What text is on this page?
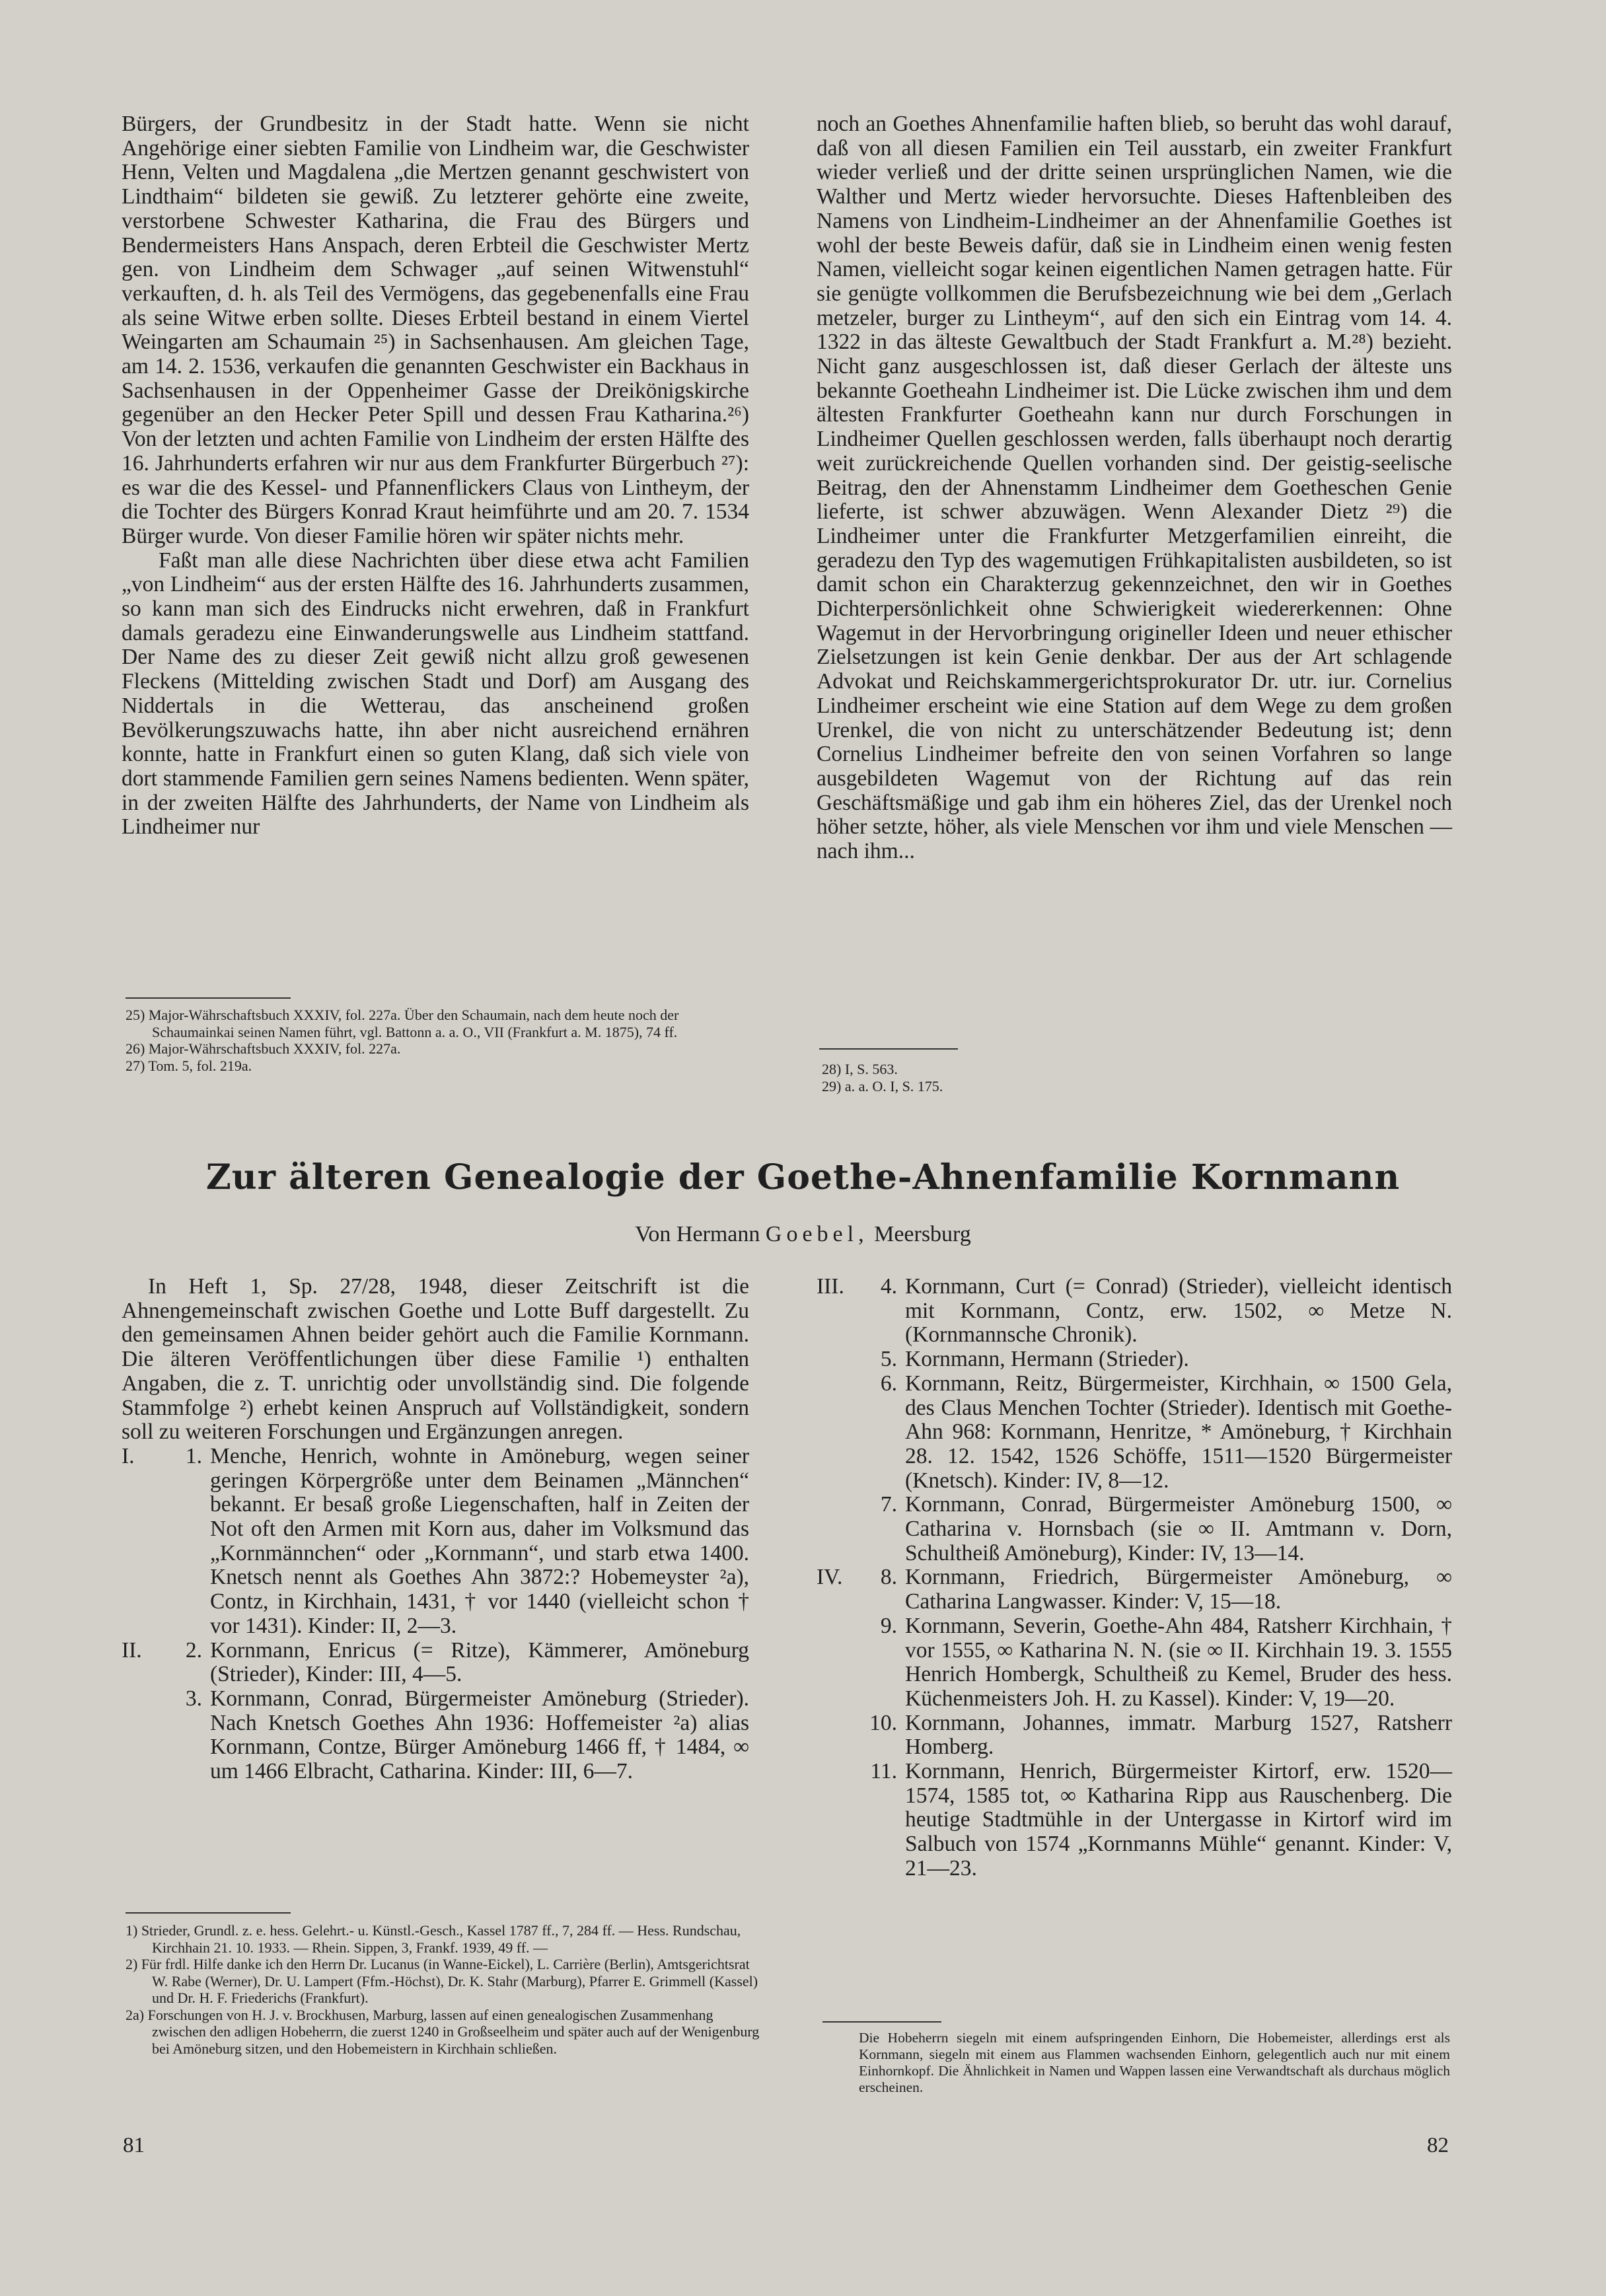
Bürgers, der Grundbesitz in der Stadt hatte. Wenn sie nicht Angehörige einer siebten Familie von Lindheim war, die Geschwister Henn, Velten und Magdalena „die Mertzen genannt geschwistert von Lindthaim“ bildeten sie gewiß. Zu letzterer gehörte eine zweite, verstorbene Schwester Katharina, die Frau des Bürgers und Bendermeisters Hans Anspach, deren Erbteil die Geschwister Mertz gen. von Lindheim dem Schwager „auf seinen Witwenstuhl“ verkauften, d. h. als Teil des Vermögens, das gegebenenfalls eine Frau als seine Witwe erben sollte. Dieses Erbteil bestand in einem Viertel Weingarten am Schaumain ²⁵) in Sachsenhausen. Am gleichen Tage, am 14. 2. 1536, verkaufen die genannten Geschwister ein Backhaus in Sachsenhausen in der Oppenheimer Gasse der Dreikönigskirche gegenüber an den Hecker Peter Spill und dessen Frau Katharina.²⁶) Von der letzten und achten Familie von Lindheim der ersten Hälfte des 16. Jahrhunderts erfahren wir nur aus dem Frankfurter Bürgerbuch ²⁷): es war die des Kessel- und Pfannenflickers Claus von Lintheym, der die Tochter des Bürgers Konrad Kraut heimführte und am 20. 7. 1534 Bürger wurde. Von dieser Familie hören wir später nichts mehr.

Faßt man alle diese Nachrichten über diese etwa acht Familien „von Lindheim“ aus der ersten Hälfte des 16. Jahrhunderts zusammen, so kann man sich des Eindrucks nicht erwehren, daß in Frankfurt damals geradezu eine Einwanderungswelle aus Lindheim stattfand. Der Name des zu dieser Zeit gewiß nicht allzu groß gewesenen Fleckens (Mittelding zwischen Stadt und Dorf) am Ausgang des Niddertals in die Wetterau, das anscheinend großen Bevölkerungszuwachs hatte, ihn aber nicht ausreichend ernähren konnte, hatte in Frankfurt einen so guten Klang, daß sich viele von dort stammende Familien gern seines Namens bedienten. Wenn später, in der zweiten Hälfte des Jahrhunderts, der Name von Lindheim als Lindheimer nur

25) Major-Währschaftsbuch XXXIV, fol. 227a. Über den Schaumain, nach dem heute noch der Schaumainkai seinen Namen führt, vgl. Battonn a. a. O., VII (Frankfurt a. M. 1875), 74 ff.
26) Major-Währschaftsbuch XXXIV, fol. 227a.
27) Tom. 5, fol. 219a.

noch an Goethes Ahnenfamilie haften blieb, so beruht das wohl darauf, daß von all diesen Familien ein Teil ausstarb, ein zweiter Frankfurt wieder verließ und der dritte seinen ursprünglichen Namen, wie die Walther und Mertz wieder hervorsuchte. Dieses Haftenbleiben des Namens von Lindheim-Lindheimer an der Ahnenfamilie Goethes ist wohl der beste Beweis dafür, daß sie in Lindheim einen wenig festen Namen, vielleicht sogar keinen eigentlichen Namen getragen hatte. Für sie genügte vollkommen die Berufsbezeichnung wie bei dem „Gerlach metzeler, burger zu Lintheym“, auf den sich ein Eintrag vom 14. 4. 1322 in das älteste Gewaltbuch der Stadt Frankfurt a. M.²⁸) bezieht. Nicht ganz ausgeschlossen ist, daß dieser Gerlach der älteste uns bekannte Goetheahn Lindheimer ist. Die Lücke zwischen ihm und dem ältesten Frankfurter Goetheahn kann nur durch Forschungen in Lindheimer Quellen geschlossen werden, falls überhaupt noch derartig weit zurückreichende Quellen vorhanden sind. Der geistig-seelische Beitrag, den der Ahnenstamm Lindheimer dem Goetheschen Genie lieferte, ist schwer abzuwägen. Wenn Alexander Dietz ²⁹) die Lindheimer unter die Frankfurter Metzgerfamilien einreiht, die geradezu den Typ des wagemutigen Frühkapitalisten ausbildeten, so ist damit schon ein Charakterzug gekennzeichnet, den wir in Goethes Dichterpersönlichkeit ohne Schwierigkeit wiedererkennen: Ohne Wagemut in der Hervorbringung origineller Ideen und neuer ethischer Zielsetzungen ist kein Genie denkbar. Der aus der Art schlagende Advokat und Reichskammergerichtsprokurator Dr. utr. iur. Cornelius Lindheimer erscheint wie eine Station auf dem Wege zu dem großen Urenkel, die von nicht zu unterschätzender Bedeutung ist; denn Cornelius Lindheimer befreite den von seinen Vorfahren so lange ausgebildeten Wagemut von der Richtung auf das rein Geschäftsmäßige und gab ihm ein höheres Ziel, das der Urenkel noch höher setzte, höher, als viele Menschen vor ihm und viele Menschen — nach ihm...

28) I, S. 563.
29) a. a. O. I, S. 175.
Zur älteren Genealogie der Goethe-Ahnenfamilie Kornmann
Von Hermann Goebel, Meersburg

In Heft 1, Sp. 27/28, 1948, dieser Zeitschrift ist die Ahnengemeinschaft zwischen Goethe und Lotte Buff dargestellt. Zu den gemeinsamen Ahnen beider gehört auch die Familie Kornmann. Die älteren Veröffentlichungen über diese Familie ¹) enthalten Angaben, die z. T. unrichtig oder unvollständig sind. Die folgende Stammfolge ²) erhebt keinen Anspruch auf Vollständigkeit, sondern soll zu weiteren Forschungen und Ergänzungen anregen.

I.	1. Menche, Henrich, wohnte in Amöneburg, wegen seiner geringen Körpergröße unter dem Beinamen „Männchen“ bekannt. Er besaß große Liegenschaften, half in Zeiten der Not oft den Armen mit Korn aus, daher im Volksmund das „Kornmännchen“ oder „Kornmann“, und starb etwa 1400. Knetsch nennt als Goethes Ahn 3872:? Hobemeyster ²a), Contz, in Kirchhain, 1431, † vor 1440 (vielleicht schon † vor 1431). Kinder: II, 2—3.
II.	2. Kornmann, Enricus (= Ritze), Kämmerer, Amöneburg (Strieder), Kinder: III, 4—5.
3. Kornmann, Conrad, Bürgermeister Amöneburg (Strieder). Nach Knetsch Goethes Ahn 1936: Hoffemeister ²a) alias Kornmann, Contze, Bürger Amöneburg 1466 ff, † 1484, ∞ um 1466 Elbracht, Catharina. Kinder: III, 6—7.
1) Strieder, Grundl. z. e. hess. Gelehrt.- u. Künstl.-Gesch., Kassel 1787 ff., 7, 284 ff. — Hess. Rundschau, Kirchhain 21. 10. 1933. — Rhein. Sippen, 3, Frankf. 1939, 49 ff. —
2) Für frdl. Hilfe danke ich den Herrn Dr. Lucanus (in Wanne-Eickel), L. Carrière (Berlin), Amtsgerichtsrat W. Rabe (Werner), Dr. U. Lampert (Ffm.-Höchst), Dr. K. Stahr (Marburg), Pfarrer E. Grimmell (Kassel) und Dr. H. F. Friederichs (Frankfurt).
2a) Forschungen von H. J. v. Brockhusen, Marburg, lassen auf einen genealogischen Zusammenhang zwischen den adligen Hobeherrn, die zuerst 1240 in Großseelheim und später auch auf der Wenigenburg bei Amöneburg sitzen, und den Hobemeistern in Kirchhain schließen.
III.	4. Kornmann, Curt (= Conrad) (Strieder), vielleicht identisch mit Kornmann, Contz, erw. 1502, ∞ Metze N. (Kornmannsche Chronik).
5. Kornmann, Hermann (Strieder).
6. Kornmann, Reitz, Bürgermeister, Kirchhain, ∞ 1500 Gela, des Claus Menchen Tochter (Strieder). Identisch mit Goethe-Ahn 968: Kornmann, Henritze, * Amöneburg, † Kirchhain 28. 12. 1542, 1526 Schöffe, 1511—1520 Bürgermeister (Knetsch). Kinder: IV, 8—12.
7. Kornmann, Conrad, Bürgermeister Amöneburg 1500, ∞ Catharina v. Hornsbach (sie ∞ II. Amtmann v. Dorn, Schultheiß Amöneburg), Kinder: IV, 13—14.
IV.	8. Kornmann, Friedrich, Bürgermeister Amöneburg, ∞ Catharina Langwasser. Kinder: V, 15—18.
9. Kornmann, Severin, Goethe-Ahn 484, Ratsherr Kirchhain, † vor 1555, ∞ Katharina N. N. (sie ∞ II. Kirchhain 19. 3. 1555 Henrich Hombergk, Schultheiß zu Kemel, Bruder des hess. Küchenmeisters Joh. H. zu Kassel). Kinder: V, 19—20.
10. Kornmann, Johannes, immatr. Marburg 1527, Ratsherr Homberg.
11. Kornmann, Henrich, Bürgermeister Kirtorf, erw. 1520—1574, 1585 tot, ∞ Katharina Ripp aus Rauschenberg. Die heutige Stadtmühle in der Untergasse in Kirtorf wird im Salbuch von 1574 „Kornmanns Mühle“ genannt. Kinder: V, 21—23.
Die Hobeherrn siegeln mit einem aufspringenden Einhorn, Die Hobemeister, allerdings erst als Kornmann, siegeln mit einem aus Flammen wachsenden Einhorn, gelegentlich auch nur mit einem Einhornkopf. Die Ähnlichkeit in Namen und Wappen lassen eine Verwandtschaft als durchaus möglich erscheinen.
81	82
